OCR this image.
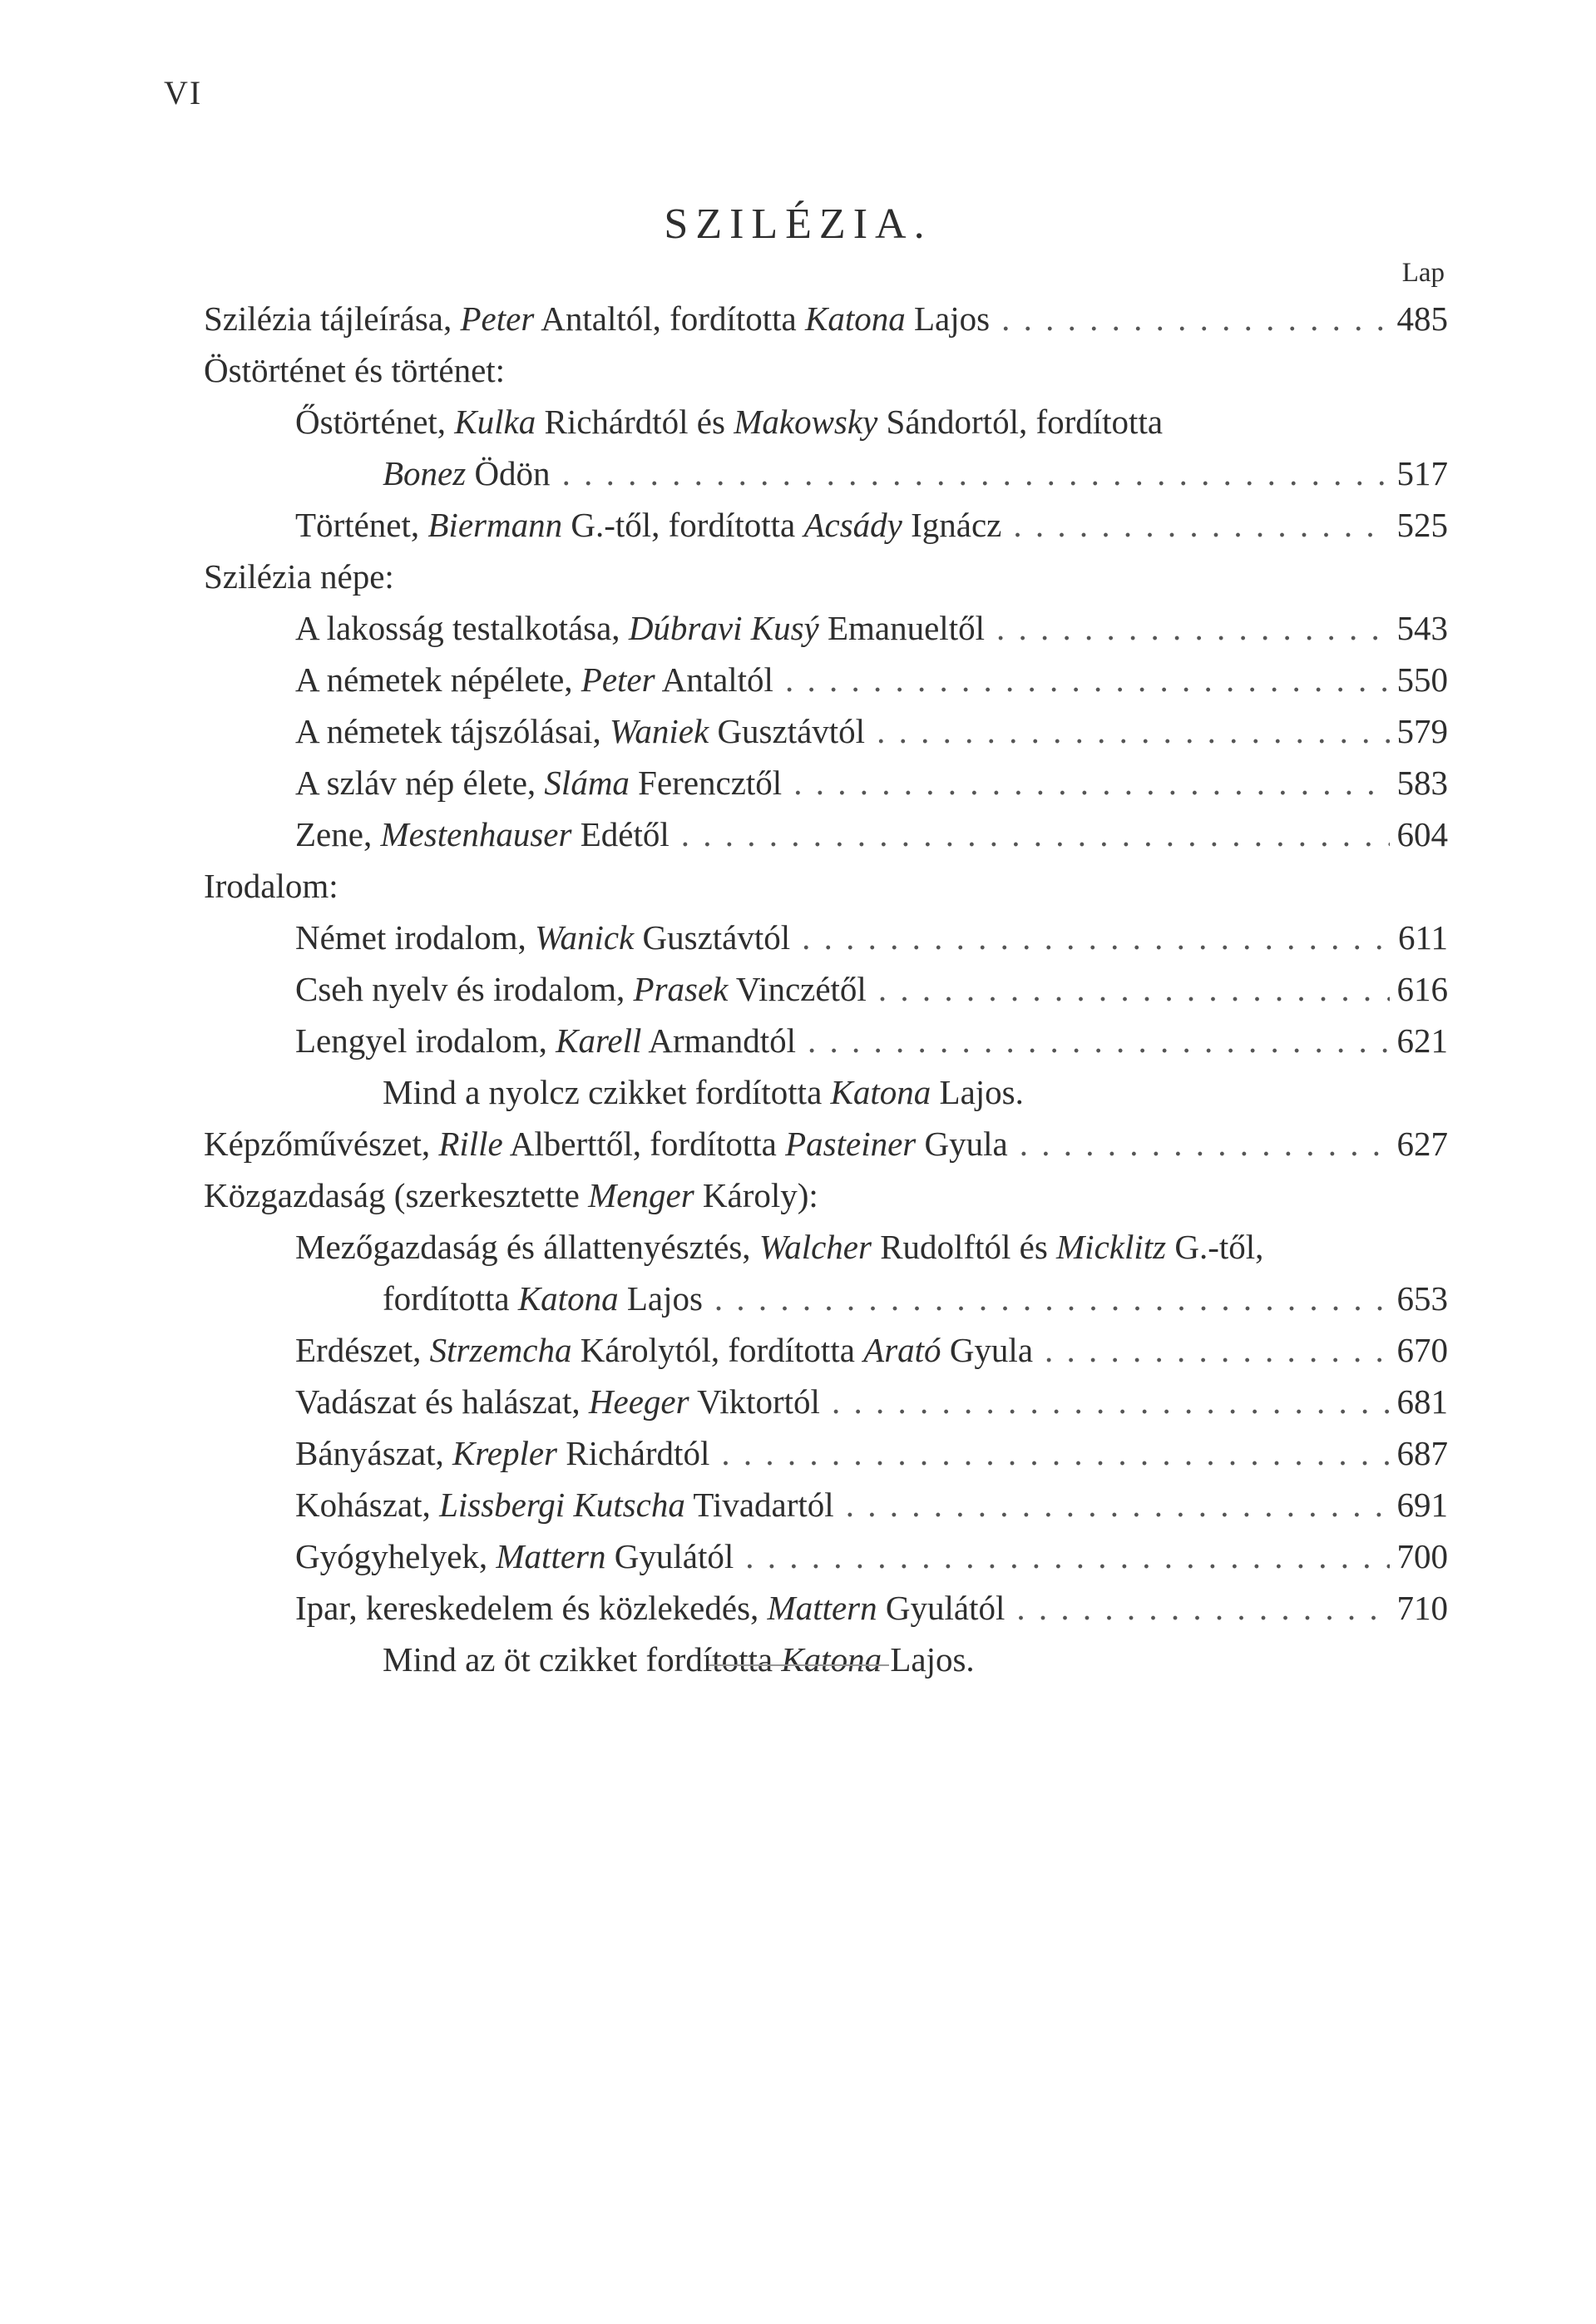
VI
SZILÉZIA.
Lap
Szilézia tájleírása, Peter Antaltól, fordította Katona Lajos . . .	485
Östörténet és történet:
Őstörténet, Kulka Richárdtól és Makowsky Sándortól, fordította
Bonez Ödön . . .	517
Történet, Biermann G.-től, fordította Acsády Ignácz . . .	525
Szilézia népe:
A lakosság testalkotása, Dúbravi Kusý Emanueltől . . .	543
A németek népélete, Peter Antaltól . . .	550
A németek tájszólásai, Waniek Gusztávtól . . .	579
A szláv nép élete, Sláma Ferencztől . . .	583
Zene, Mestenhauser Edétől . . .	604
Irodalom:
Német irodalom, Wanick Gusztávtól . . .	611
Cseh nyelv és irodalom, Prasek Vinczétől . . .	616
Lengyel irodalom, Karell Armandtól . . .	621
Mind a nyolcz czikket fordította Katona Lajos.
Képzőművészet, Rille Alberttől, fordította Pasteiner Gyula . . .	627
Közgazdaság (szerkesztette Menger Károly):
Mezőgazdaság és állattenyésztés, Walcher Rudolftól és Micklitz G.-től,
fordította Katona Lajos . . .	653
Erdészet, Strzemcha Károlytól, fordította Arató Gyula . . .	670
Vadászat és halászat, Heeger Viktortól . . .	681
Bányászat, Krepler Richárdtól . . .	687
Kohászat, Lissbergi Kutscha Tivadartól . . .	691
Gyógyhelyek, Mattern Gyulától . . .	700
Ipar, kereskedelem és közlekedés, Mattern Gyulától . . .	710
Mind az öt czikket fordította Katona Lajos.
